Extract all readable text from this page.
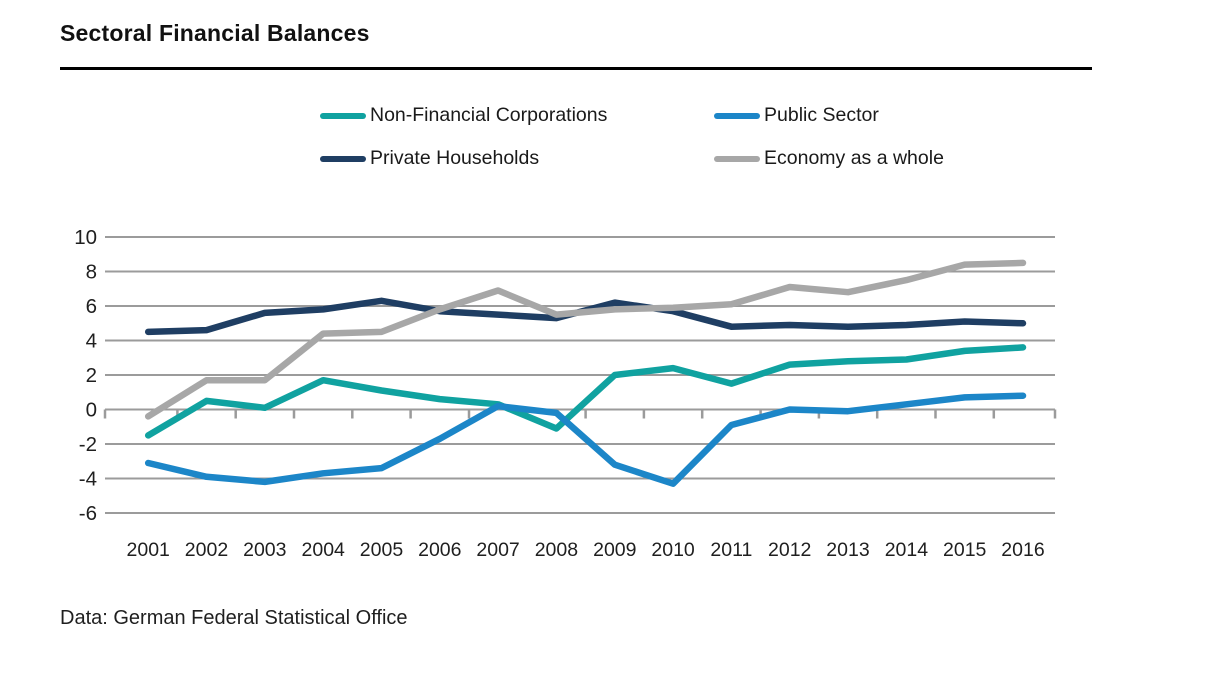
Sectoral Financial Balances
Non-Financial Corporations	Public Sector
Private Households	Economy as a whole
10
8
6
4
2
0
-2
-4
-6
2001 2002 2003 2004 2005 2006 2007 2008 2009 2010 2011 2012 2013 2014 2015 2016
Data: German Federal Statistical Office
